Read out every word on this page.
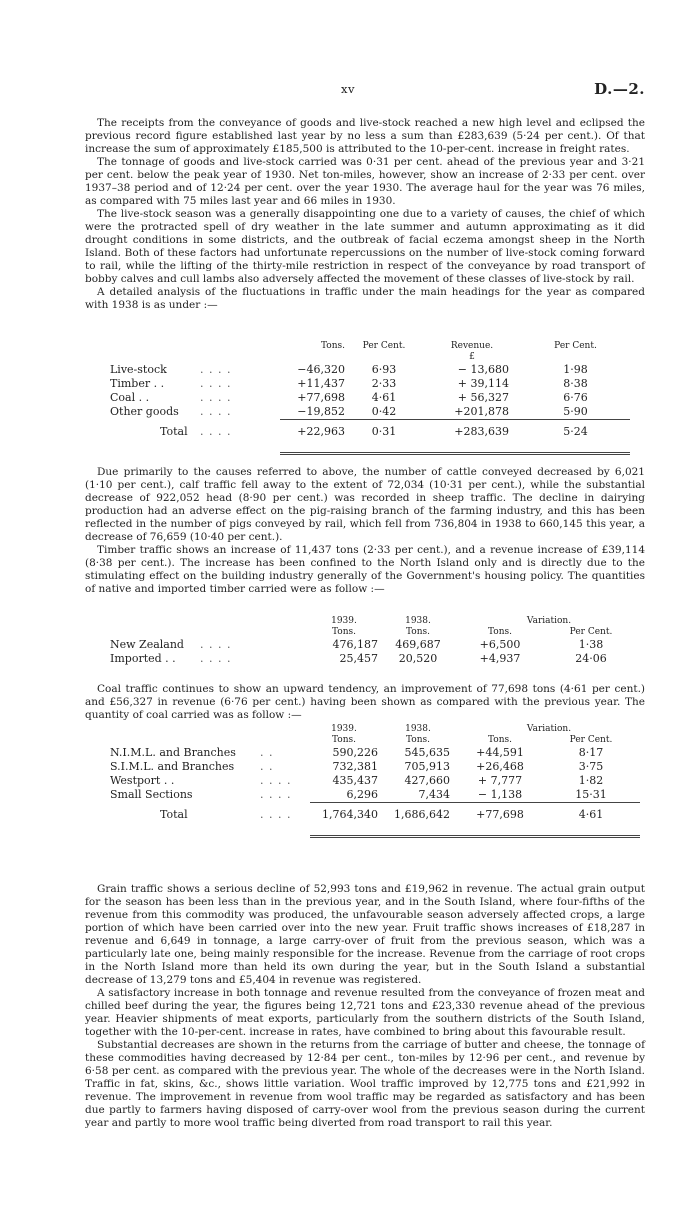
xv	D.—2.

The receipts from the conveyance of goods and live-stock reached a new high level and eclipsed the previous record figure established last year by no less a sum than £283,639 (5·24 per cent.). Of that increase the sum of approximately £185,500 is attributed to the 10-per-cent. increase in freight rates.

The tonnage of goods and live-stock carried was 0·31 per cent. ahead of the previous year and 3·21 per cent. below the peak year of 1930. Net ton-miles, however, show an increase of 2·33 per cent. over 1937–38 period and of 12·24 per cent. over the year 1930. The average haul for the year was 76 miles, as compared with 75 miles last year and 66 miles in 1930.

The live-stock season was a generally disappointing one due to a variety of causes, the chief of which were the protracted spell of dry weather in the late summer and autumn approximating as it did drought conditions in some districts, and the outbreak of facial eczema amongst sheep in the North Island. Both of these factors had unfortunate repercussions on the number of live-stock coming forward to rail, while the lifting of the thirty-mile restriction in respect of the conveyance by road transport of bobby calves and cull lambs also adversely affected the movement of these classes of live-stock by rail.

A detailed analysis of the fluctuations in traffic under the main headings for the year as compared with 1938 is as under :—

		Tons.	Per Cent.	Revenue.	Per Cent.
				£	
Live-stock	. . . .	−46,320	6·93	− 13,680	1·98
Timber . .	. . . .	+11,437	2·33	+ 39,114	8·38
Coal . .	. . . .	+77,698	4·61	+ 56,327	6·76
Other goods	. . . .	−19,852	0·42	+201,878	5·90
Total	. . . .	+22,963	0·31	+283,639	5·24

Due primarily to the causes referred to above, the number of cattle conveyed decreased by 6,021 (1·10 per cent.), calf traffic fell away to the extent of 72,034 (10·31 per cent.), while the substantial decrease of 922,052 head (8·90 per cent.) was recorded in sheep traffic. The decline in dairying production had an adverse effect on the pig-raising branch of the farming industry, and this has been reflected in the number of pigs conveyed by rail, which fell from 736,804 in 1938 to 660,145 this year, a decrease of 76,659 (10·40 per cent.).

Timber traffic shows an increase of 11,437 tons (2·33 per cent.), and a revenue increase of £39,114 (8·38 per cent.). The increase has been confined to the North Island only and is directly due to the stimulating effect on the building industry generally of the Government's housing policy. The quantities of native and imported timber carried were as follow :—

		1939.	1938.	Variation.	
		Tons.	Tons.	Tons.	Per Cent.
New Zealand	. . . .	476,187	469,687	+6,500	1·38
Imported . .	. . . .	25,457	20,520	+4,937	24·06

Coal traffic continues to show an upward tendency, an improvement of 77,698 tons (4·61 per cent.) and £56,327 in revenue (6·76 per cent.) having been shown as compared with the previous year. The quantity of coal carried was as follow :—

		1939.	1938.	Variation.	
		Tons.	Tons.	Tons.	Per Cent.
N.I.M.L. and Branches	. .	590,226	545,635	+44,591	8·17
S.I.M.L. and Branches	. .	732,381	705,913	+26,468	3·75
Westport . .	. . . .	435,437	427,660	+ 7,777	1·82
Small Sections	. . . .	6,296	7,434	− 1,138	15·31
Total	. . . .	1,764,340	1,686,642	+77,698	4·61

Grain traffic shows a serious decline of 52,993 tons and £19,962 in revenue. The actual grain output for the season has been less than in the previous year, and in the South Island, where four-fifths of the revenue from this commodity was produced, the unfavourable season adversely affected crops, a large portion of which have been carried over into the new year. Fruit traffic shows increases of £18,287 in revenue and 6,649 in tonnage, a large carry-over of fruit from the previous season, which was a particularly late one, being mainly responsible for the increase. Revenue from the carriage of root crops in the North Island more than held its own during the year, but in the South Island a substantial decrease of 13,279 tons and £5,404 in revenue was registered.

A satisfactory increase in both tonnage and revenue resulted from the conveyance of frozen meat and chilled beef during the year, the figures being 12,721 tons and £23,330 revenue ahead of the previous year. Heavier shipments of meat exports, particularly from the southern districts of the South Island, together with the 10-per-cent. increase in rates, have combined to bring about this favourable result.

Substantial decreases are shown in the returns from the carriage of butter and cheese, the tonnage of these commodities having decreased by 12·84 per cent., ton-miles by 12·96 per cent., and revenue by 6·58 per cent. as compared with the previous year. The whole of the decreases were in the North Island. Traffic in fat, skins, &c., shows little variation. Wool traffic improved by 12,775 tons and £21,992 in revenue. The improvement in revenue from wool traffic may be regarded as satisfactory and has been due partly to farmers having disposed of carry-over wool from the previous season during the current year and partly to more wool traffic being diverted from road transport to rail this year.
